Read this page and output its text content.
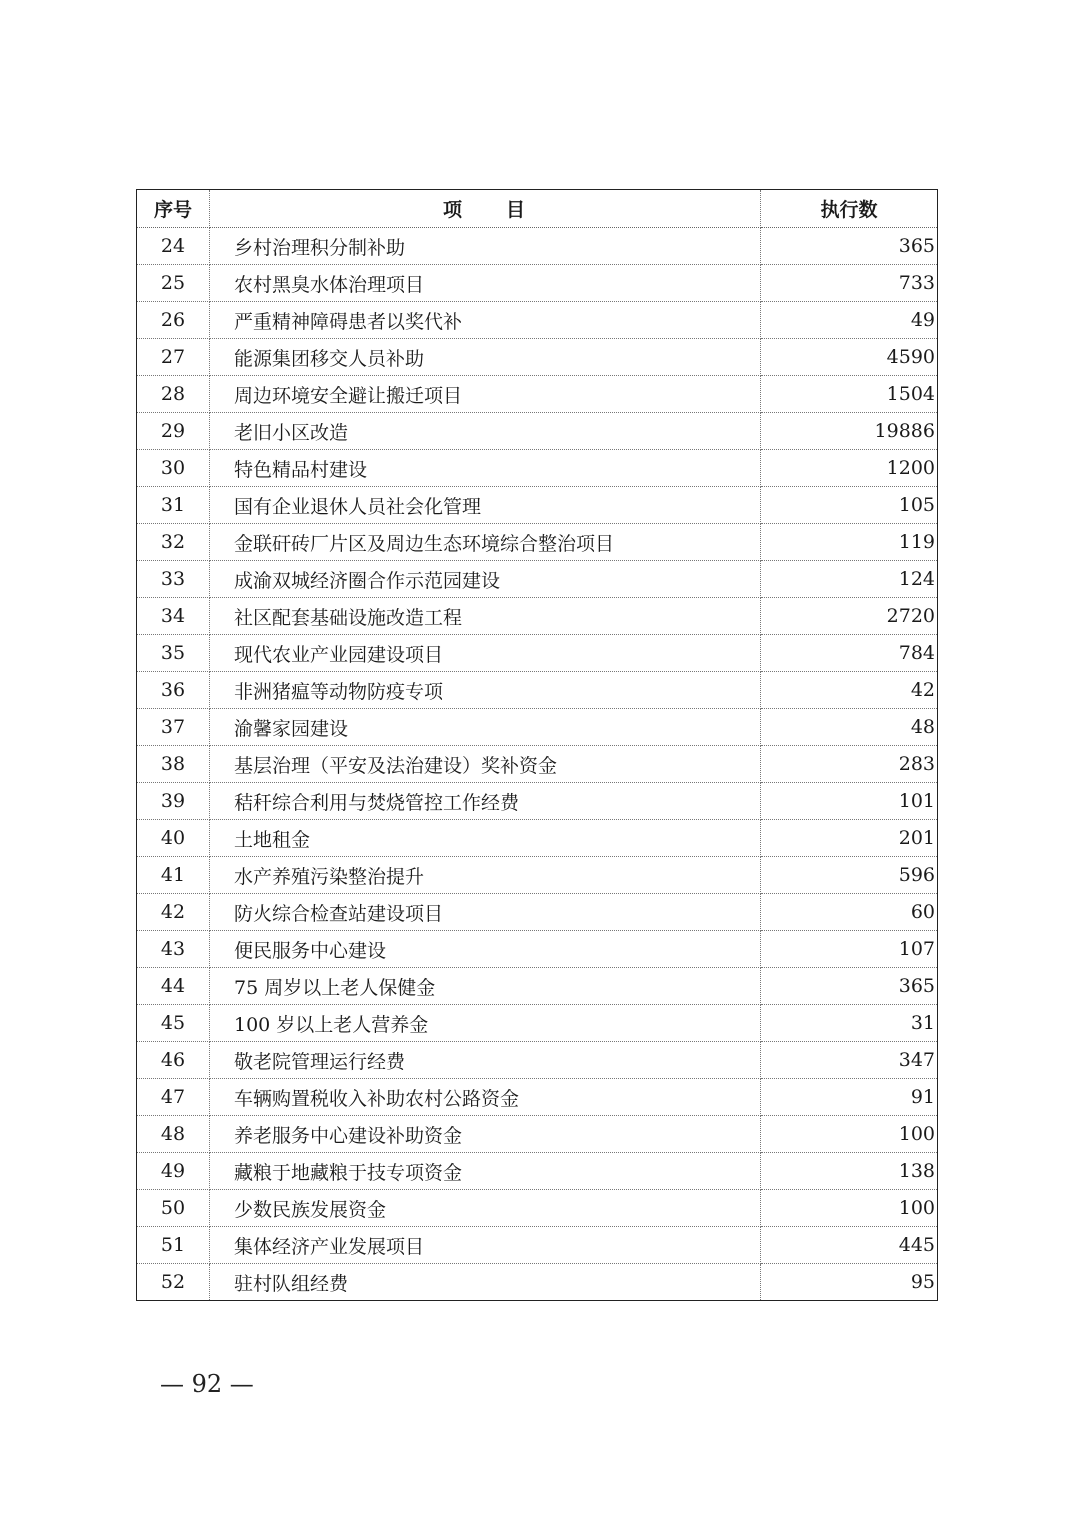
序号	项　　目	执行数
24	乡村治理积分制补助	365
25	农村黑臭水体治理项目	733
26	严重精神障碍患者以奖代补	49
27	能源集团移交人员补助	4590
28	周边环境安全避让搬迁项目	1504
29	老旧小区改造	19886
30	特色精品村建设	1200
31	国有企业退休人员社会化管理	105
32	金联矸砖厂片区及周边生态环境综合整治项目	119
33	成渝双城经济圈合作示范园建设	124
34	社区配套基础设施改造工程	2720
35	现代农业产业园建设项目	784
36	非洲猪瘟等动物防疫专项	42
37	渝馨家园建设	48
38	基层治理（平安及法治建设）奖补资金	283
39	秸秆综合利用与焚烧管控工作经费	101
40	土地租金	201
41	水产养殖污染整治提升	596
42	防火综合检查站建设项目	60
43	便民服务中心建设	107
44	75 周岁以上老人保健金	365
45	100 岁以上老人营养金	31
46	敬老院管理运行经费	347
47	车辆购置税收入补助农村公路资金	91
48	养老服务中心建设补助资金	100
49	藏粮于地藏粮于技专项资金	138
50	少数民族发展资金	100
51	集体经济产业发展项目	445
52	驻村队组经费	95
— 92 —
